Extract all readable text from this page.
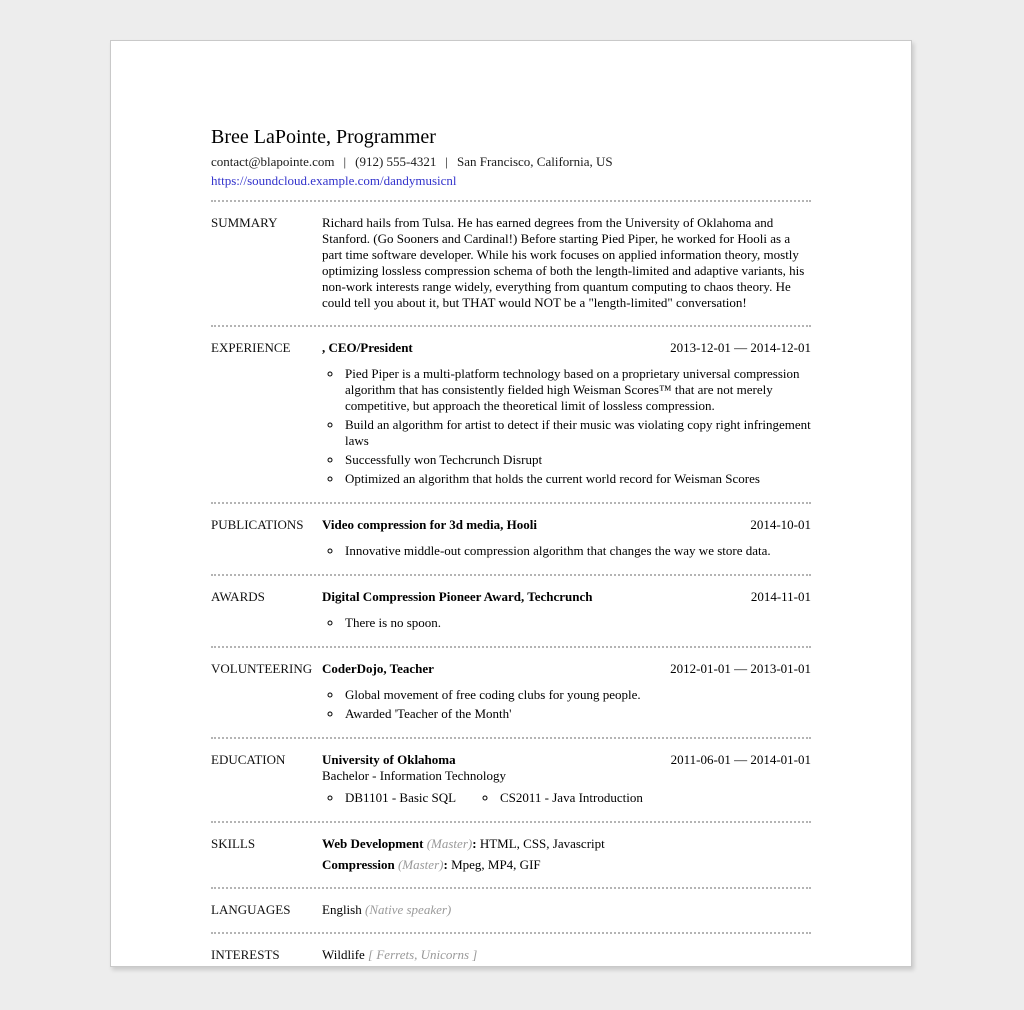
Bree LaPointe, Programmer
contact@blapointe.com | (912) 555-4321 | San Francisco, California, US
https://soundcloud.example.com/dandymusicnl
SUMMARY	Richard hails from Tulsa. He has earned degrees from the University of Oklahoma and Stanford. (Go Sooners and Cardinal!) Before starting Pied Piper, he worked for Hooli as a part time software developer. While his work focuses on applied information theory, mostly optimizing lossless compression schema of both the length-limited and adaptive variants, his non-work interests range widely, everything from quantum computing to chaos theory. He could tell you about it, but THAT would NOT be a "length-limited" conversation!
EXPERIENCE	, CEO/President	2013-12-01 — 2014-12-01
◦ Pied Piper is a multi-platform technology based on a proprietary universal compression algorithm that has consistently fielded high Weisman Scores™ that are not merely competitive, but approach the theoretical limit of lossless compression.
◦ Build an algorithm for artist to detect if their music was violating copy right infringement laws
◦ Successfully won Techcrunch Disrupt
◦ Optimized an algorithm that holds the current world record for Weisman Scores
PUBLICATIONS	Video compression for 3d media, Hooli	2014-10-01
◦ Innovative middle-out compression algorithm that changes the way we store data.
AWARDS	Digital Compression Pioneer Award, Techcrunch	2014-11-01
◦ There is no spoon.
VOLUNTEERING CoderDojo, Teacher	2012-01-01 — 2013-01-01
◦ Global movement of free coding clubs for young people.
◦ Awarded 'Teacher of the Month'
EDUCATION	University of Oklahoma	2011-06-01 — 2014-01-01
Bachelor - Information Technology
◦ DB1101 - Basic SQL	◦ CS2011 - Java Introduction
SKILLS	Web Development (Master): HTML, CSS, Javascript
Compression (Master): Mpeg, MP4, GIF
LANGUAGES	English (Native speaker)
INTERESTS	Wildlife [ Ferrets, Unicorns ]
